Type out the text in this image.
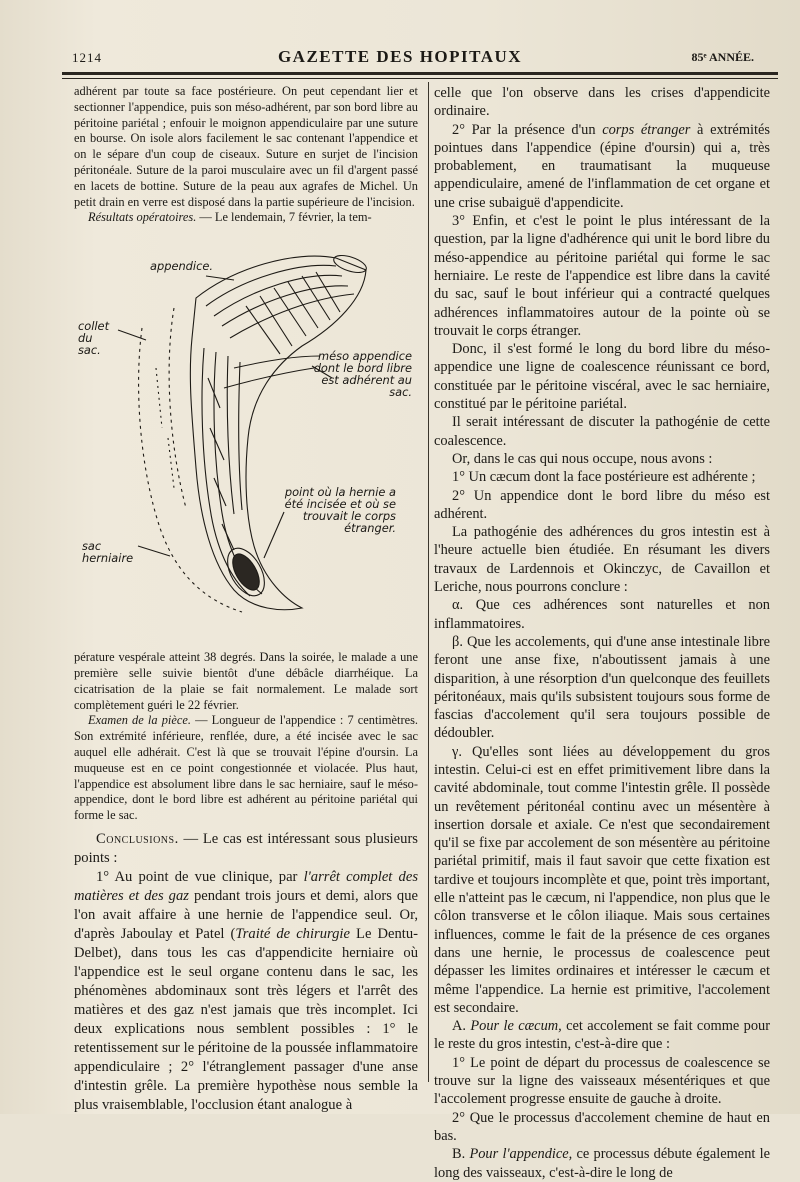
1214	GAZETTE DES HOPITAUX	85ᵉ ANNÉE.

adhérent par toute sa face postérieure. On peut cependant lier et sectionner l'appendice, puis son méso-adhérent, par son bord libre au péritoine pariétal ; enfouir le moignon appendiculaire par une suture en bourse. On isole alors facilement le sac contenant l'appendice et on le sépare d'un coup de ciseaux. Suture en surjet de l'incision péritonéale. Suture de la paroi musculaire avec un fil d'argent passé en lacets de bottine. Suture de la peau aux agrafes de Michel. Un petit drain en verre est disposé dans la partie supérieure de l'incision.

Résultats opératoires. — Le lendemain, 7 février, la tem-

appendice.
collet du sac.	méso appendice dont le bord libre est adhérent au sac.
point où la hernie a été incisée et où se trouvait le corps étranger.
sac herniaire

pérature vespérale atteint 38 degrés. Dans la soirée, le malade a une première selle suivie bientôt d'une débâcle diarrhéique. La cicatrisation de la plaie se fait normalement. Le malade sort complètement guéri le 22 février.

Examen de la pièce. — Longueur de l'appendice : 7 centimètres. Son extrémité inférieure, renflée, dure, a été incisée avec le sac auquel elle adhérait. C'est là que se trouvait l'épine d'oursin. La muqueuse est en ce point congestionnée et violacée. Plus haut, l'appendice est absolument libre dans le sac herniaire, sauf le méso-appendice, dont le bord libre est adhérent au péritoine pariétal qui forme le sac.

Conclusions. — Le cas est intéressant sous plusieurs points :

1° Au point de vue clinique, par l'arrêt complet des matières et des gaz pendant trois jours et demi, alors que l'on avait affaire à une hernie de l'appendice seul. Or, d'après Jaboulay et Patel (Traité de chirurgie Le Dentu-Delbet), dans tous les cas d'appendicite herniaire où l'appendice est le seul organe contenu dans le sac, les phénomènes abdominaux sont très légers et l'arrêt des matières et des gaz n'est jamais que très incomplet. Ici deux explications nous semblent possibles : 1° le retentissement sur le péritoine de la poussée inflammatoire appendiculaire ; 2° l'étranglement passager d'une anse d'intestin grêle. La première hypothèse nous semble la plus vraisemblable, l'occlusion étant analogue à

celle que l'on observe dans les crises d'appendicite ordinaire.

2° Par la présence d'un corps étranger à extrémités pointues dans l'appendice (épine d'oursin) qui a, très probablement, en traumatisant la muqueuse appendiculaire, amené de l'inflammation de cet organe et une crise subaiguë d'appendicite.

3° Enfin, et c'est le point le plus intéressant de la question, par la ligne d'adhérence qui unit le bord libre du méso-appendice au péritoine pariétal qui forme le sac herniaire. Le reste de l'appendice est libre dans la cavité du sac, sauf le bout inférieur qui a contracté quelques adhérences inflammatoires autour de la pointe où se trouvait le corps étranger.

Donc, il s'est formé le long du bord libre du méso-appendice une ligne de coalescence réunissant ce bord, constituée par le péritoine viscéral, avec le sac herniaire, constitué par le péritoine pariétal.

Il serait intéressant de discuter la pathogénie de cette coalescence.

Or, dans le cas qui nous occupe, nous avons :

1° Un cæcum dont la face postérieure est adhérente ;

2° Un appendice dont le bord libre du méso est adhérent.

La pathogénie des adhérences du gros intestin est à l'heure actuelle bien étudiée. En résumant les divers travaux de Lardennois et Okinczyc, de Cavaillon et Leriche, nous pourrons conclure :

α. Que ces adhérences sont naturelles et non inflammatoires.

β. Que les accolements, qui d'une anse intestinale libre feront une anse fixe, n'aboutissent jamais à une disparition, à une résorption d'un quelconque des feuillets péritonéaux, mais qu'ils subsistent toujours sous forme de fascias d'accolement qu'il sera toujours possible de dédoubler.

γ. Qu'elles sont liées au développement du gros intestin. Celui-ci est en effet primitivement libre dans la cavité abdominale, tout comme l'intestin grêle. Il possède un revêtement péritonéal continu avec un mésentère à insertion dorsale et axiale. Ce n'est que secondairement qu'il se fixe par accolement de son mésentère au péritoine pariétal primitif, mais il faut savoir que cette fixation est tardive et toujours incomplète et que, point très important, elle n'atteint pas le cæcum, ni l'appendice, non plus que le côlon transverse et le côlon iliaque. Mais sous certaines influences, comme le fait de la présence de ces organes dans une hernie, le processus de coalescence peut dépasser les limites ordinaires et intéresser le cæcum et même l'appendice. La hernie est primitive, l'accolement est secondaire.

A. Pour le cæcum, cet accolement se fait comme pour le reste du gros intestin, c'est-à-dire que :

1° Le point de départ du processus de coalescence se trouve sur la ligne des vaisseaux mésentériques et que l'accolement progresse ensuite de gauche à droite.

2° Que le processus d'accolement chemine de haut en bas.

B. Pour l'appendice, ce processus débute également le long des vaisseaux, c'est-à-dire le long de
